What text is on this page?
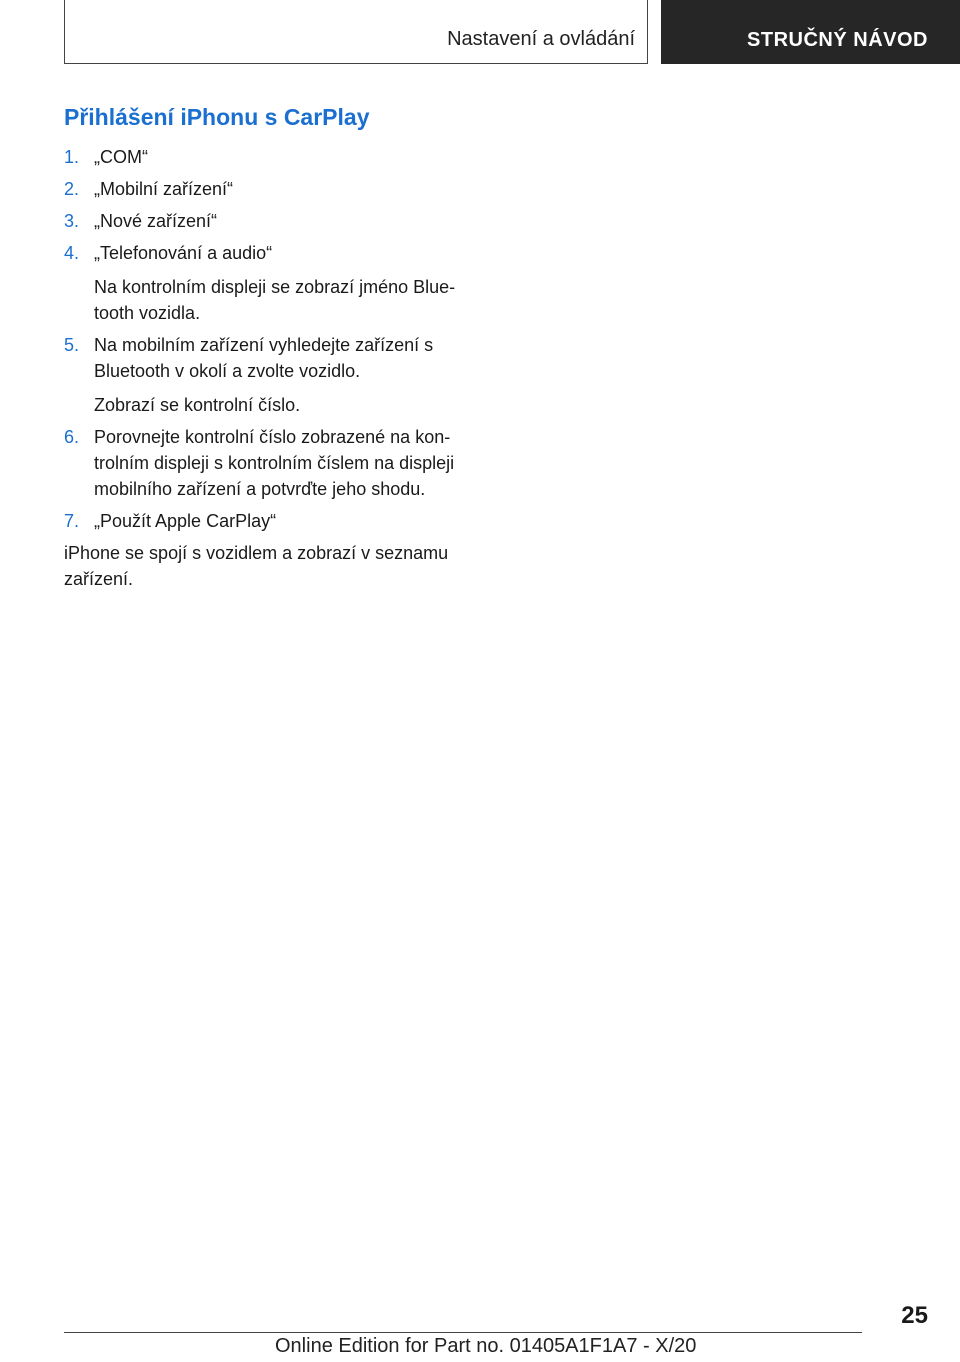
Nastavení a ovládání	STRUČNÝ NÁVOD
Přihlášení iPhonu s CarPlay
1. „COM“

2. „Mobilní zařízení“

3. „Nové zařízení“

4. „Telefonování a audio“

Na kontrolním displeji se zobrazí jméno Blue-tooth vozidla.

5. Na mobilním zařízení vyhledejte zařízení s Bluetooth v okolí a zvolte vozidlo.

Zobrazí se kontrolní číslo.

6. Porovnejte kontrolní číslo zobrazené na kon-trolním displeji s kontrolním číslem na displeji mobilního zařízení a potvrďte jeho shodu.

7. „Použít Apple CarPlay“

iPhone se spojí s vozidlem a zobrazí v seznamu zařízení.

25
Online Edition for Part no. 01405A1F1A7 - X/20
